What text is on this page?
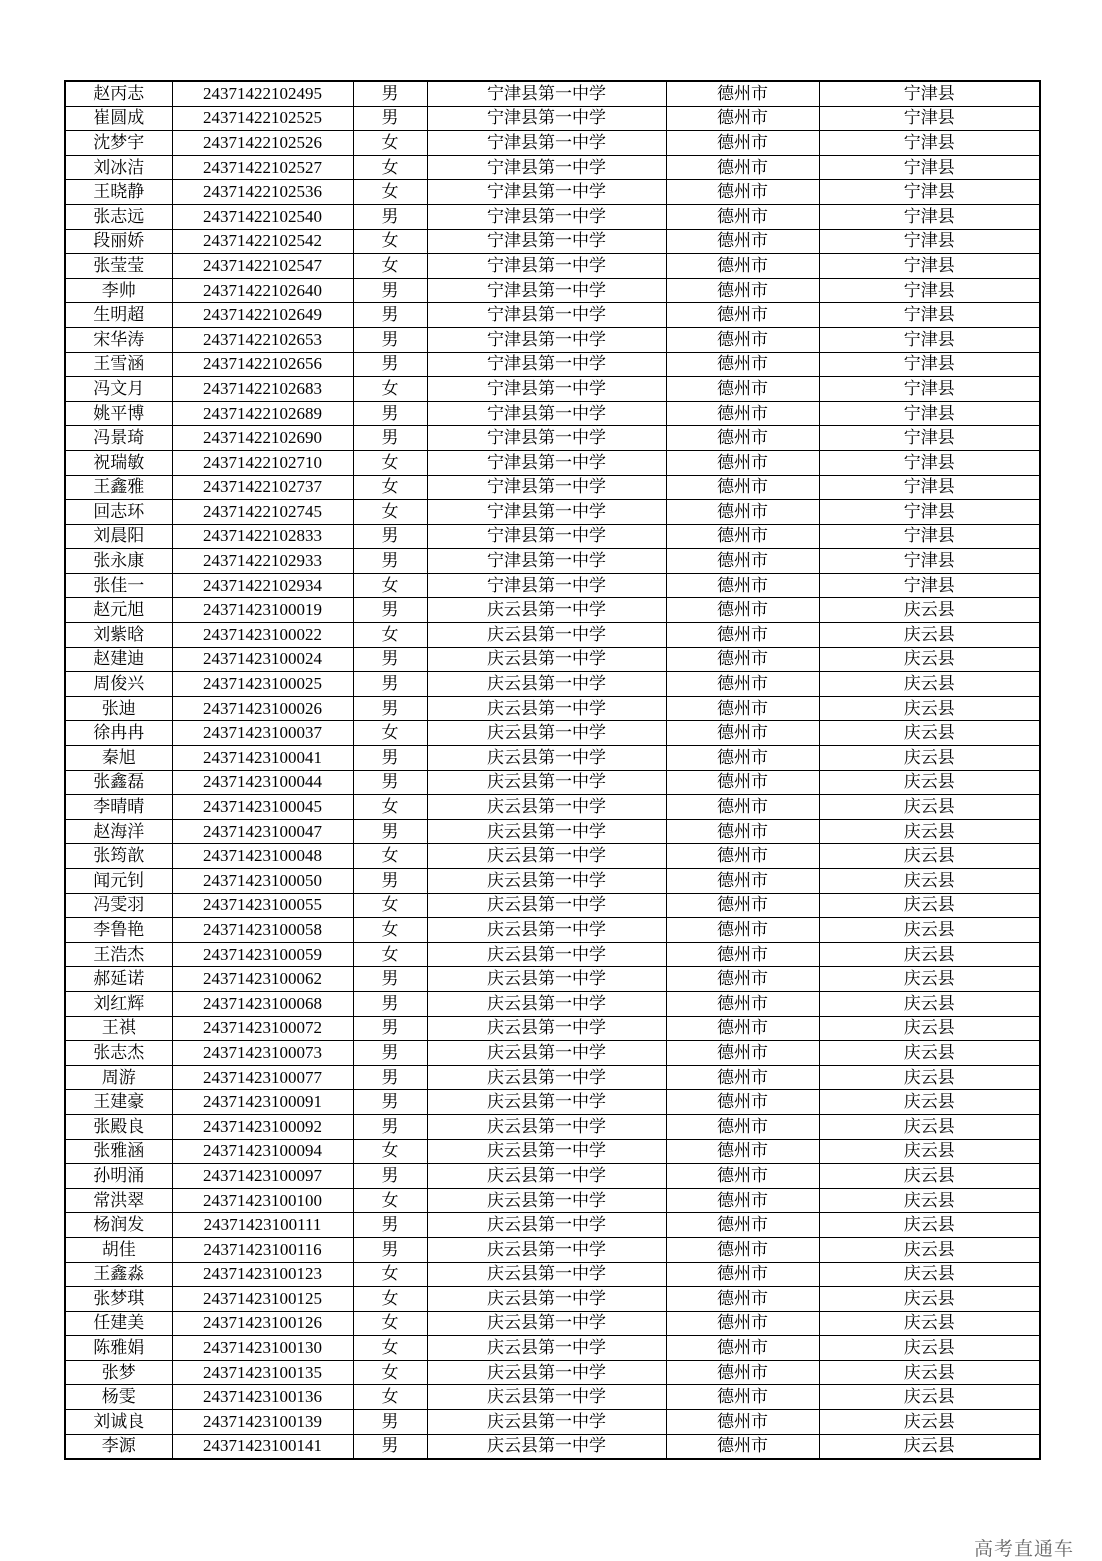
赵丙志	24371422102495	男	宁津县第一中学	德州市	宁津县
崔圆成	24371422102525	男	宁津县第一中学	德州市	宁津县
沈梦宇	24371422102526	女	宁津县第一中学	德州市	宁津县
刘冰洁	24371422102527	女	宁津县第一中学	德州市	宁津县
王晓静	24371422102536	女	宁津县第一中学	德州市	宁津县
张志远	24371422102540	男	宁津县第一中学	德州市	宁津县
段丽娇	24371422102542	女	宁津县第一中学	德州市	宁津县
张莹莹	24371422102547	女	宁津县第一中学	德州市	宁津县
李帅	24371422102640	男	宁津县第一中学	德州市	宁津县
生明超	24371422102649	男	宁津县第一中学	德州市	宁津县
宋华涛	24371422102653	男	宁津县第一中学	德州市	宁津县
王雪涵	24371422102656	男	宁津县第一中学	德州市	宁津县
冯文月	24371422102683	女	宁津县第一中学	德州市	宁津县
姚平博	24371422102689	男	宁津县第一中学	德州市	宁津县
冯景琦	24371422102690	男	宁津县第一中学	德州市	宁津县
祝瑞敏	24371422102710	女	宁津县第一中学	德州市	宁津县
王鑫雅	24371422102737	女	宁津县第一中学	德州市	宁津县
回志环	24371422102745	女	宁津县第一中学	德州市	宁津县
刘晨阳	24371422102833	男	宁津县第一中学	德州市	宁津县
张永康	24371422102933	男	宁津县第一中学	德州市	宁津县
张佳一	24371422102934	女	宁津县第一中学	德州市	宁津县
赵元旭	24371423100019	男	庆云县第一中学	德州市	庆云县
刘紫晗	24371423100022	女	庆云县第一中学	德州市	庆云县
赵建迪	24371423100024	男	庆云县第一中学	德州市	庆云县
周俊兴	24371423100025	男	庆云县第一中学	德州市	庆云县
张迪	24371423100026	男	庆云县第一中学	德州市	庆云县
徐冉冉	24371423100037	女	庆云县第一中学	德州市	庆云县
秦旭	24371423100041	男	庆云县第一中学	德州市	庆云县
张鑫磊	24371423100044	男	庆云县第一中学	德州市	庆云县
李晴晴	24371423100045	女	庆云县第一中学	德州市	庆云县
赵海洋	24371423100047	男	庆云县第一中学	德州市	庆云县
张筠歆	24371423100048	女	庆云县第一中学	德州市	庆云县
闻元钊	24371423100050	男	庆云县第一中学	德州市	庆云县
冯雯羽	24371423100055	女	庆云县第一中学	德州市	庆云县
李鲁艳	24371423100058	女	庆云县第一中学	德州市	庆云县
王浩杰	24371423100059	女	庆云县第一中学	德州市	庆云县
郝延诺	24371423100062	男	庆云县第一中学	德州市	庆云县
刘红辉	24371423100068	男	庆云县第一中学	德州市	庆云县
王祺	24371423100072	男	庆云县第一中学	德州市	庆云县
张志杰	24371423100073	男	庆云县第一中学	德州市	庆云县
周游	24371423100077	男	庆云县第一中学	德州市	庆云县
王建豪	24371423100091	男	庆云县第一中学	德州市	庆云县
张殿良	24371423100092	男	庆云县第一中学	德州市	庆云县
张雅涵	24371423100094	女	庆云县第一中学	德州市	庆云县
孙明涌	24371423100097	男	庆云县第一中学	德州市	庆云县
常洪翠	24371423100100	女	庆云县第一中学	德州市	庆云县
杨润发	24371423100111	男	庆云县第一中学	德州市	庆云县
胡佳	24371423100116	男	庆云县第一中学	德州市	庆云县
王鑫淼	24371423100123	女	庆云县第一中学	德州市	庆云县
张梦琪	24371423100125	女	庆云县第一中学	德州市	庆云县
任建美	24371423100126	女	庆云县第一中学	德州市	庆云县
陈雅娟	24371423100130	女	庆云县第一中学	德州市	庆云县
张梦	24371423100135	女	庆云县第一中学	德州市	庆云县
杨雯	24371423100136	女	庆云县第一中学	德州市	庆云县
刘诚良	24371423100139	男	庆云县第一中学	德州市	庆云县
李源	24371423100141	男	庆云县第一中学	德州市	庆云县
高考直通车
